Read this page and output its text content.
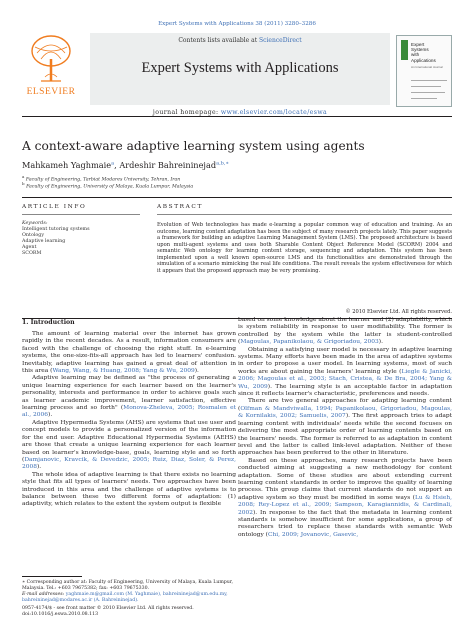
Expert Systems with Applications 38 (2011) 3280–3286
ELSEVIER
Contents lists available at ScienceDirect
Expert Systems with Applications
journal homepage: www.elsevier.com/locate/eswa
Expert
Systems
with
Applications
An International Journal
A context-aware adaptive learning system using agents
Mahkameh Yaghmaie$^a$, Ardeshir Bahreininejad$^{a,b,∗}$
$^a$ Faculty of Engineering, Tarbiat Modares University, Tehran, Iran
$^b$ Faculty of Engineering, University of Malaya, Kuala Lumpur, Malaysia
ARTICLE INFO	ABSTRACT
Keywords:
Intelligent tutoring systems
Ontology
Adaptive learning
Agent
SCORM
Evolution of Web technologies has made e-learning a popular common way of education and training. As an outcome, learning content adaptation has been the subject of many research projects lately. This paper suggests a framework for building an adaptive Learning Management System (LMS). The proposed architecture is based upon multi-agent systems and uses both Sharable Content Object Reference Model (SCORM) 2004 and semantic Web ontology for learning content storage, sequencing and adaptation. This system has been implemented upon a well known open-source LMS and its functionalities are demonstrated through the simulation of a scenario mimicking the real life conditions. The result reveals the system effectiveness for which it appears that the proposed approach may be very promising.
© 2010 Elsevier Ltd. All rights reserved.
1. Introduction

The amount of learning material over the internet has grown rapidly in the recent decades. As a result, information consumers are faced with the challenge of choosing the right stuff. In e-learning systems, the one-size-fits-all approach has led to learners' confusion. Inevitably, adaptive learning has gained a great deal of attention in this area (Wang, Wang, & Huang, 2008; Yang & Wu, 2009).

Adaptive learning may be defined as "the process of generating a unique learning experience for each learner based on the learner's personality, interests and performance in order to achieve goals such as learner academic improvement, learner satisfaction, effective learning process and so forth" (Monova-Zheleva, 2005; Rosmalen et al., 2006).

Adaptive Hypermedia Systems (AHS) are systems that use user and concept models to provide a personalized version of the information for the end user. Adaptive Educational Hypermedia Systems (AEHS) are those that create a unique learning experience for each learner based on learner's knowledge-base, goals, learning style and so forth (Damjanovic, Kravcik, & Devedzic, 2005; Ruiz, Diaz, Soler, & Perez, 2008).

The whole idea of adaptive learning is that there exists no learning style that fits all types of learners' needs. Two approaches have been introduced in this area and the challenge of adaptive systems is to balance between these two different forms of adaptation: (1) adaptivity, which relates to the extent the system output is flexible

based on some knowledge about the learner and (2) adaptability, which is system reliability in response to user modifiability. The former is controlled by the system while the latter is student-controlled (Magoulas, Papanikolaou, & Grigoriadou, 2003).

Obtaining a satisfying user model is necessary in adaptive learning systems. Many efforts have been made in the area of adaptive systems in order to propose a user model. In learning systems, most of such works are about gaining the learners' learning style (Liegle & Janicki, 2006; Magoulas et al., 2003; Stach, Cristea, & De Bra, 2004; Yang & Wu, 2009). The learning style is an acceptable factor in adaptation since it reflects learner's characteristic, preferences and needs.

There are two general approaches for adapting learning content (Olfman & Mandviwalla, 1994; Papanikolaou, Grigoriadou, Magoulas, & Kornilakis, 2002; Samuelis, 2007). The first approach tries to adapt learning content with individuals' needs while the second focuses on delivering the most appropriate order of learning contents based on the learners' needs. The former is referred to as adaptation in content level and the latter is called link-level adaptation. Neither of these approaches has been preferred to the other in literature.

Based on these approaches, many research projects have been conducted aiming at suggesting a new methodology for content adaptation. Some of these studies are about extending current learning content standards in order to improve the quality of learning process. This group claims that current standards do not support an adaptive system so they must be modified in some ways (Lu & Hsieh, 2008; Rey-Lopez et al., 2009; Sampson, Karagiannidis, & Cardinali, 2002). In response to the fact that the metadata in learning content standards is somehow insufficient for some applications, a group of researchers tried to replace these standards with semantic Web ontology (Chi, 2009; Jovanovic, Gasevic,

∗ Corresponding author at: Faculty of Engineering, University of Malaya, Kuala Lumpur, Malaysia. Tel.: +603 79675382; fax: +603 79675330.
E-mail addresses: yaghmaie.m@gmail.com (M. Yaghmaie), bahreininejad@um.edu.my, bahreininejad@modares.ac.ir (A. Bahreininejad).
0957-4174/$ - see front matter © 2010 Elsevier Ltd. All rights reserved.
doi:10.1016/j.eswa.2010.08.113
